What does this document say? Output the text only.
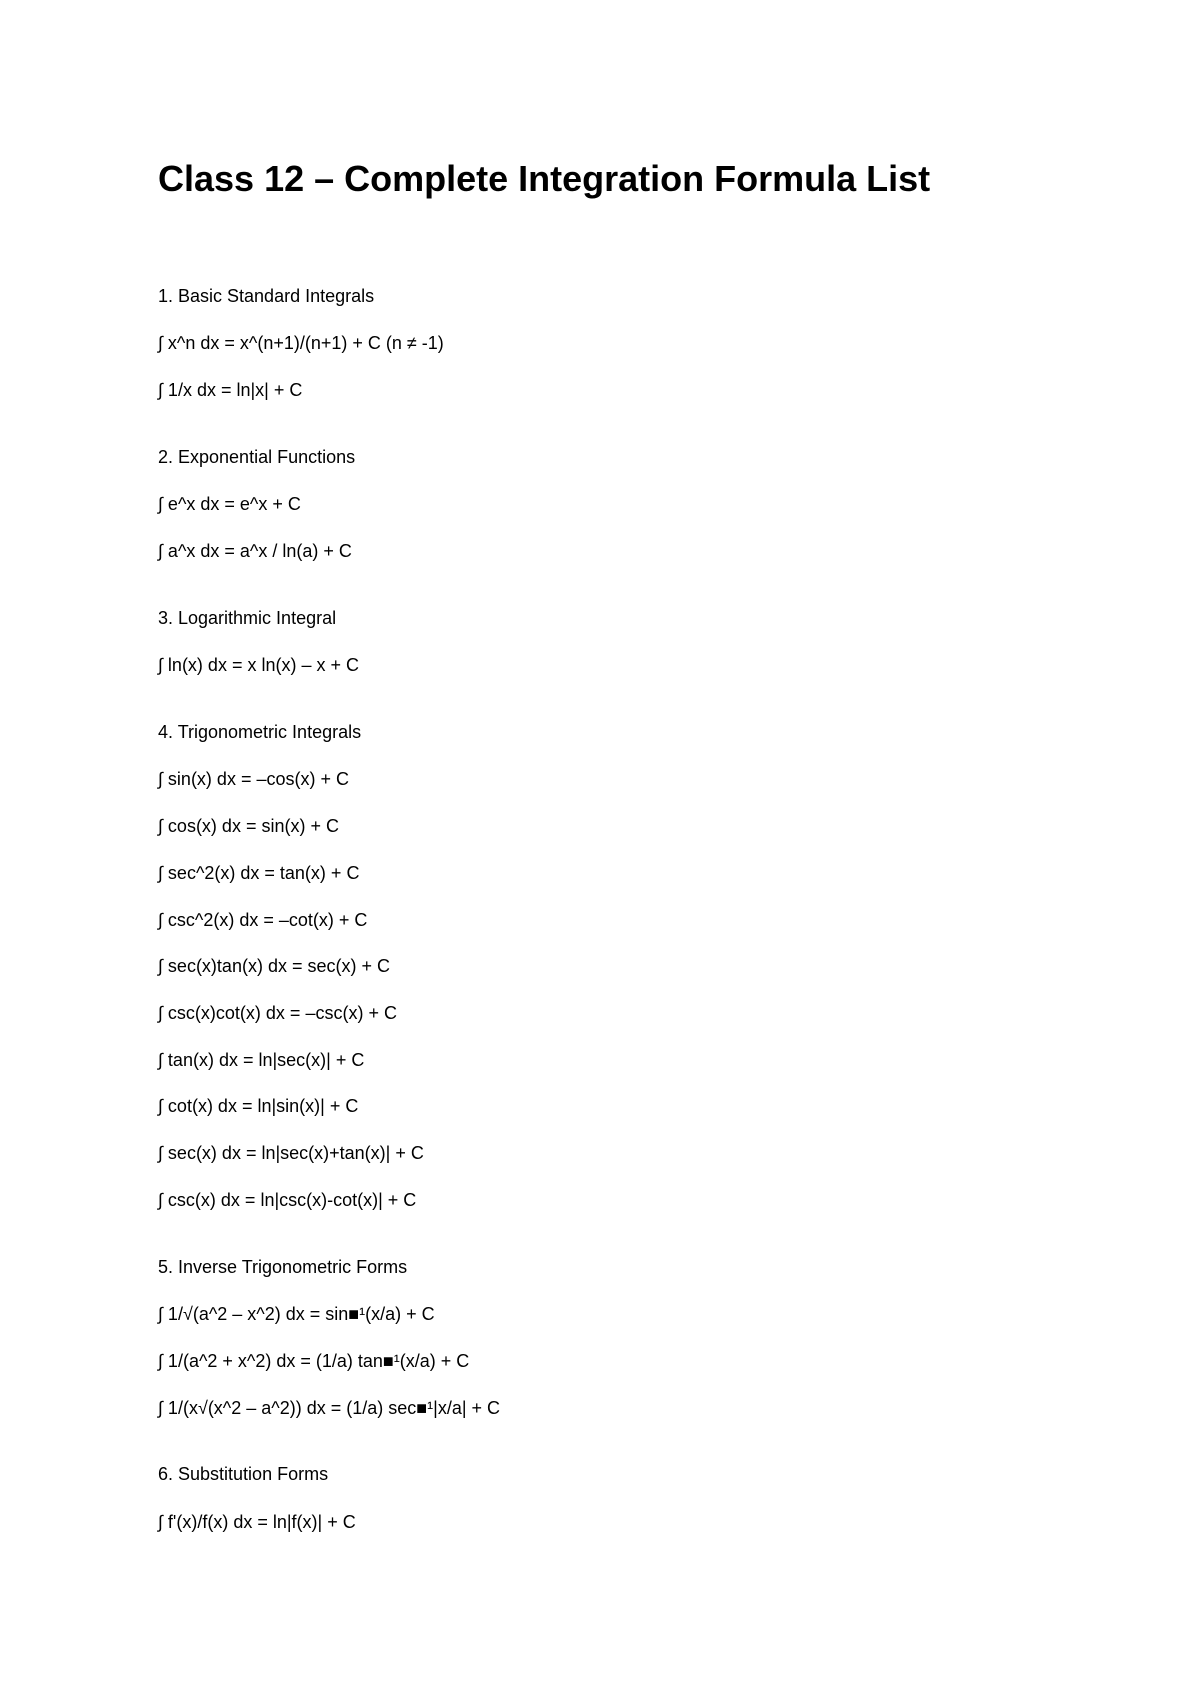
Class 12 – Complete Integration Formula List
1. Basic Standard Integrals
∫ x^n dx = x^(n+1)/(n+1) + C (n ≠ -1)
∫ 1/x dx = ln|x| + C
2. Exponential Functions
∫ e^x dx = e^x + C
∫ a^x dx = a^x / ln(a) + C
3. Logarithmic Integral
∫ ln(x) dx = x ln(x) – x + C
4. Trigonometric Integrals
∫ sin(x) dx = –cos(x) + C
∫ cos(x) dx = sin(x) + C
∫ sec^2(x) dx = tan(x) + C
∫ csc^2(x) dx = –cot(x) + C
∫ sec(x)tan(x) dx = sec(x) + C
∫ csc(x)cot(x) dx = –csc(x) + C
∫ tan(x) dx = ln|sec(x)| + C
∫ cot(x) dx = ln|sin(x)| + C
∫ sec(x) dx = ln|sec(x)+tan(x)| + C
∫ csc(x) dx = ln|csc(x)-cot(x)| + C
5. Inverse Trigonometric Forms
∫ 1/√(a^2 – x^2) dx = sin■¹(x/a) + C
∫ 1/(a^2 + x^2) dx = (1/a) tan■¹(x/a) + C
∫ 1/(x√(x^2 – a^2)) dx = (1/a) sec■¹|x/a| + C
6. Substitution Forms
∫ f'(x)/f(x) dx = ln|f(x)| + C
